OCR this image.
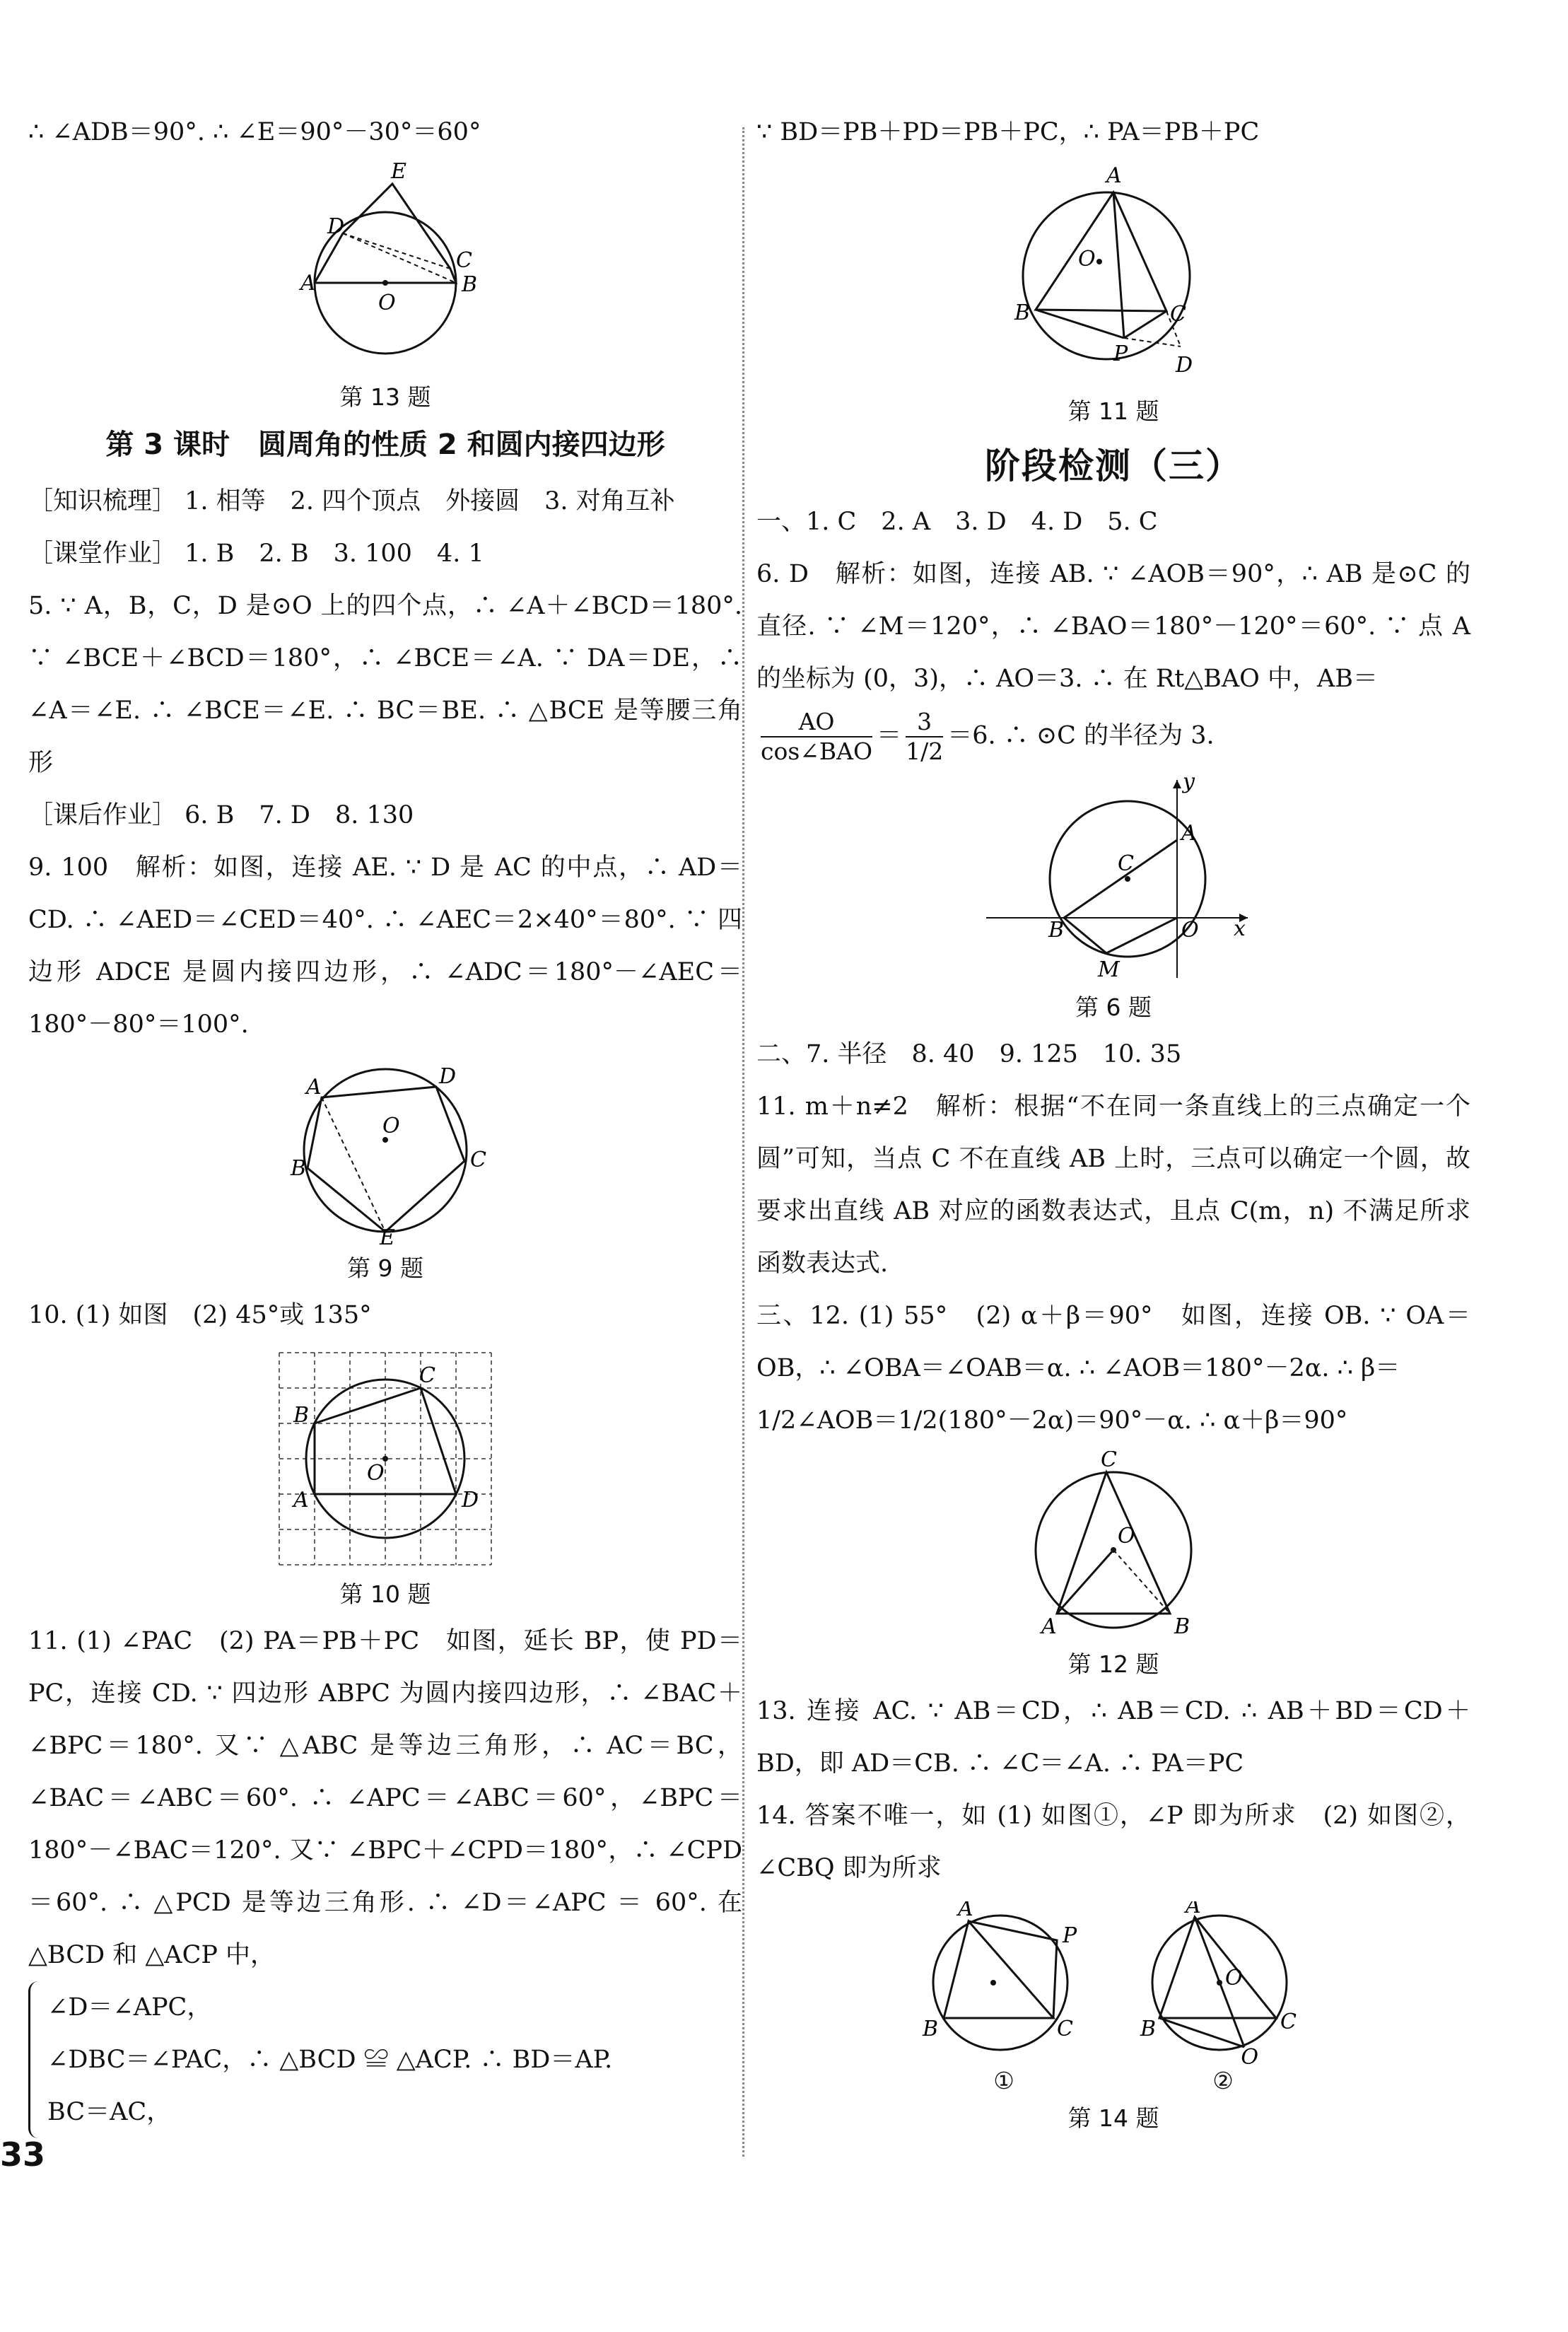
∴ ∠ADB＝90°. ∴ ∠E＝90°－30°＝60°
A	B
C
D
E
O
第 13 题
第 3 课时　圆周角的性质 2 和圆内接四边形
［知识梳理］ 1. 相等　2. 四个顶点　外接圆　3. 对角互补
［课堂作业］ 1. B　2. B　3. 100　4. 1
5. ∵ A，B，C，D 是⊙O 上的四个点，∴ ∠A＋∠BCD＝180°. ∵ ∠BCE＋∠BCD＝180°，∴ ∠BCE＝∠A. ∵ DA＝DE，∴ ∠A＝∠E. ∴ ∠BCE＝∠E. ∴ BC＝BE. ∴ △BCE 是等腰三角形
［课后作业］ 6. B　7. D　8. 130
9. 100　解析：如图，连接 AE. ∵ D 是 AC 的中点，∴ AD＝CD. ∴ ∠AED＝∠CED＝40°. ∴ ∠AEC＝2×40°＝80°. ∵ 四边形 ADCE 是圆内接四边形，∴ ∠ADC＝180°－∠AEC＝180°－80°＝100°.
A
B	C
D
E
O
第 9 题
10. (1) 如图　(2) 45°或 135°
A
B
C
D
O
第 10 题
11. (1) ∠PAC　(2) PA＝PB＋PC　如图，延长 BP，使 PD＝PC，连接 CD. ∵ 四边形 ABPC 为圆内接四边形，∴ ∠BAC＋∠BPC＝180°. 又∵ △ABC 是等边三角形，∴ AC＝BC，∠BAC＝∠ABC＝60°. ∴ ∠APC＝∠ABC＝60°，∠BPC＝180°－∠BAC＝120°. 又∵ ∠BPC＋∠CPD＝180°，∴ ∠CPD＝60°. ∴ △PCD 是等边三角形. ∴ ∠D＝∠APC ＝ 60°. 在 △BCD 和 △ACP 中，
∠D＝∠APC，
∠DBC＝∠PAC，∴ △BCD ≌ △ACP. ∴ BD＝AP.
BC＝AC，
∵ BD＝PB＋PD＝PB＋PC，∴ PA＝PB＋PC
A
B	C
D
P
O
第 11 题
阶段检测（三）
一、1. C　2. A　3. D　4. D　5. C
6. D　解析：如图，连接 AB. ∵ ∠AOB＝90°，∴ AB 是⊙C 的直径. ∵ ∠M＝120°，∴ ∠BAO＝180°－120°＝60°. ∵ 点 A 的坐标为 (0，3)，∴ AO＝3. ∴ 在 Rt△BAO 中，AB＝
$\frac{AO}{\text{cos∠BAO}} = \frac{3}{1/2} =6$. ∴ ⊙C 的半径为 3.
y
x
A
B
C
M
O
第 6 题
二、7. 半径　8. 40　9. 125　10. 35
11. m＋n≠2　解析：根据“不在同一条直线上的三点确定一个圆”可知，当点 C 不在直线 AB 上时，三点可以确定一个圆，故要求出直线 AB 对应的函数表达式，且点 C(m，n) 不满足所求函数表达式.
三、12. (1) 55°　(2) α＋β＝90°　如图，连接 OB. ∵ OA＝OB，∴ ∠OBA＝∠OAB＝α. ∴ ∠AOB＝180°－2α. ∴ β＝
1/2∠AOB＝1/2(180°－2α)＝90°－α. ∴ α＋β＝90°
C
A	B
O
第 12 题
13. 连接 AC. ∵ AB＝CD，∴ AB＝CD. ∴ AB＋BD＝CD＋BD，即 AD＝CB. ∴ ∠C＝∠A. ∴ PA＝PC
14. 答案不唯一，如 (1) 如图①，∠P 即为所求　(2) 如图②，∠CBQ 即为所求
A
B	C
P
①
A
B	C
Q
O
②
第 14 题
33
